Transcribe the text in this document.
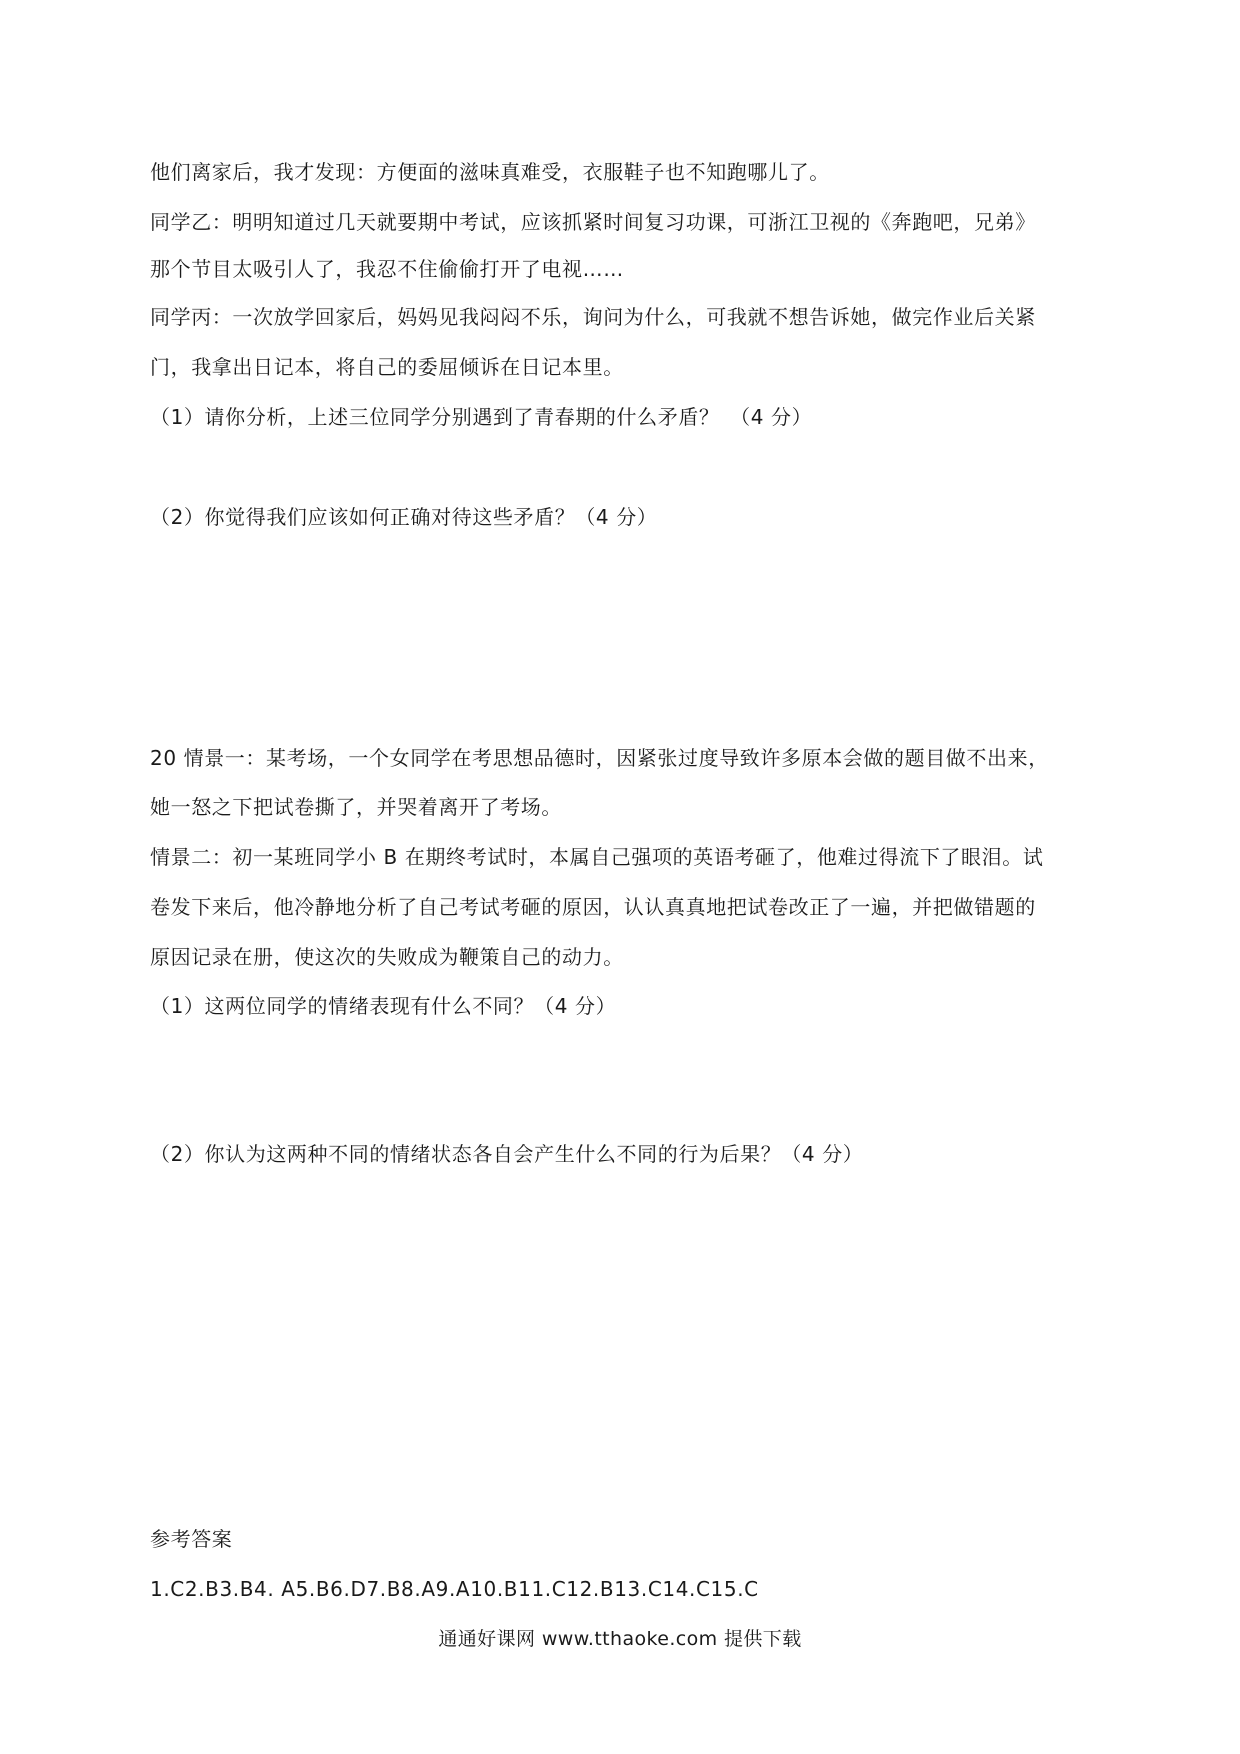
他们离家后，我才发现：方便面的滋味真难受，衣服鞋子也不知跑哪儿了。
同学乙：明明知道过几天就要期中考试，应该抓紧时间复习功课，可浙江卫视的《奔跑吧，兄弟》
那个节目太吸引人了，我忍不住偷偷打开了电视……
同学丙：一次放学回家后，妈妈见我闷闷不乐，询问为什么，可我就不想告诉她，做完作业后关紧
门，我拿出日记本，将自己的委屈倾诉在日记本里。
（1）请你分析，上述三位同学分别遇到了青春期的什么矛盾？　（4 分）
（2）你觉得我们应该如何正确对待这些矛盾？（4 分）
20 情景一：某考场，一个女同学在考思想品德时，因紧张过度导致许多原本会做的题目做不出来，
她一怒之下把试卷撕了，并哭着离开了考场。
情景二：初一某班同学小 B 在期终考试时，本属自己强项的英语考砸了，他难过得流下了眼泪。试
卷发下来后，他冷静地分析了自己考试考砸的原因，认认真真地把试卷改正了一遍，并把做错题的
原因记录在册，使这次的失败成为鞭策自己的动力。
（1）这两位同学的情绪表现有什么不同？（4 分）
（2）你认为这两种不同的情绪状态各自会产生什么不同的行为后果？（4 分）
参考答案
1.C2.B3.B4. A5.B6.D7.B8.A9.A10.B11.C12.B13.C14.C15.C
通通好课网 www.tthaoke.com 提供下载
